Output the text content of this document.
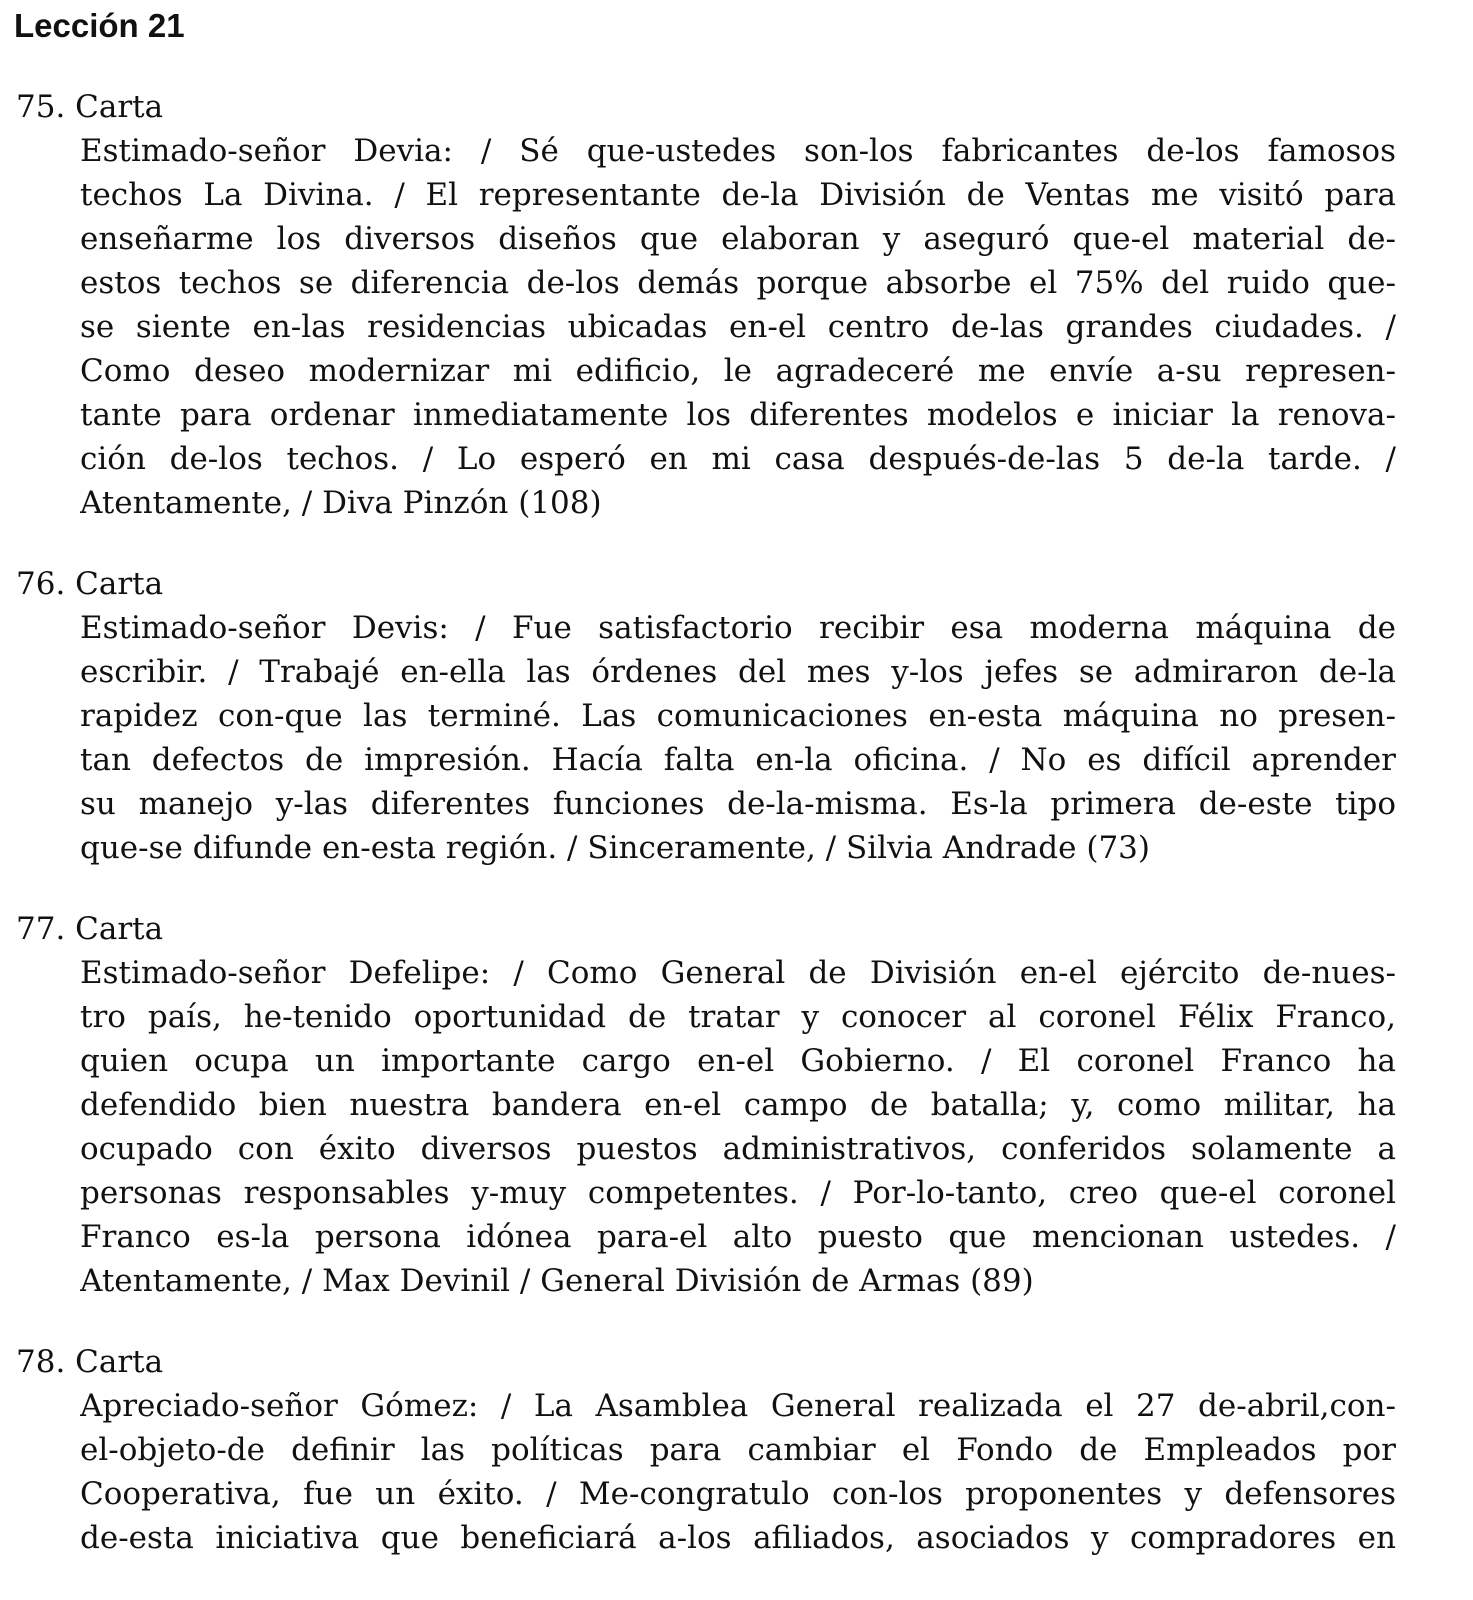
Lección 21
75. Carta
Estimado-señor Devia: / Sé que-ustedes son-los fabricantes de-los famosos
techos La Divina. / El representante de-la División de Ventas me visitó para
enseñarme los diversos diseños que elaboran y aseguró que-el material de-
estos techos se diferencia de-los demás porque absorbe el 75% del ruido que-
se siente en-las residencias ubicadas en-el centro de-las grandes ciudades. /
Como deseo modernizar mi edificio, le agradeceré me envíe a-su represen-
tante para ordenar inmediatamente los diferentes modelos e iniciar la renova-
ción de-los techos. / Lo esperó en mi casa después-de-las 5 de-la tarde. /
Atentamente, / Diva Pinzón (108)
76. Carta
Estimado-señor Devis: / Fue satisfactorio recibir esa moderna máquina de
escribir. / Trabajé en-ella las órdenes del mes y-los jefes se admiraron de-la
rapidez con-que las terminé. Las comunicaciones en-esta máquina no presen-
tan defectos de impresión. Hacía falta en-la oficina. / No es difícil aprender
su manejo y-las diferentes funciones de-la-misma. Es-la primera de-este tipo
que-se difunde en-esta región. / Sinceramente, / Silvia Andrade (73)
77. Carta
Estimado-señor Defelipe: / Como General de División en-el ejército de-nues-
tro país, he-tenido oportunidad de tratar y conocer al coronel Félix Franco,
quien ocupa un importante cargo en-el Gobierno. / El coronel Franco ha
defendido bien nuestra bandera en-el campo de batalla; y, como militar, ha
ocupado con éxito diversos puestos administrativos, conferidos solamente a
personas responsables y-muy competentes. / Por-lo-tanto, creo que-el coronel
Franco es-la persona idónea para-el alto puesto que mencionan ustedes. /
Atentamente, / Max Devinil / General División de Armas (89)
78. Carta
Apreciado-señor Gómez: / La Asamblea General realizada el 27 de-abril,con-
el-objeto-de definir las políticas para cambiar el Fondo de Empleados por
Cooperativa, fue un éxito. / Me-congratulo con-los proponentes y defensores
de-esta iniciativa que beneficiará a-los afiliados, asociados y compradores en
